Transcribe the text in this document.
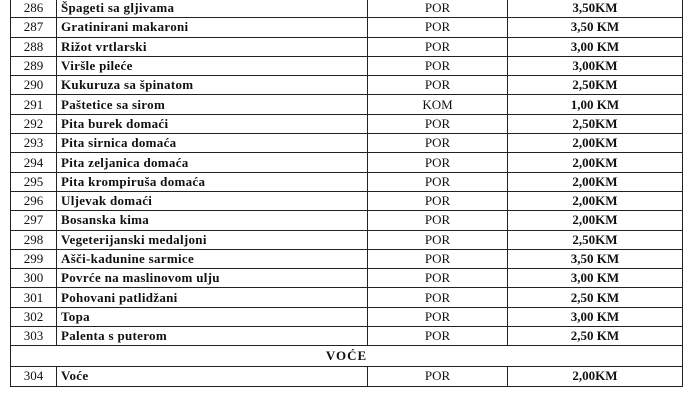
286	Špageti sa gljivama	POR	3,50KM
287	Gratinirani makaroni	POR	3,50 KM
288	Rižot vrtlarski	POR	3,00 KM
289	Viršle pileće	POR	3,00KM
290	Kukuruza sa špinatom	POR	2,50KM
291	Paštetice sa sirom	KOM	1,00 KM
292	Pita burek domaći	POR	2,50KM
293	Pita sirnica domaća	POR	2,00KM
294	Pita zeljanica domaća	POR	2,00KM
295	Pita krompiruša domaća	POR	2,00KM
296	Uljevak domaći	POR	2,00KM
297	Bosanska kima	POR	2,00KM
298	Vegeterijanski medaljoni	POR	2,50KM
299	Ašči-kadunine sarmice	POR	3,50 KM
300	Povrće na maslinovom ulju	POR	3,00 KM
301	Pohovani patlidžani	POR	2,50 KM
302	Topa	POR	3,00 KM
303	Palenta s puterom	POR	2,50 KM
VOĆE			
304	Voće	POR	2,00KM
